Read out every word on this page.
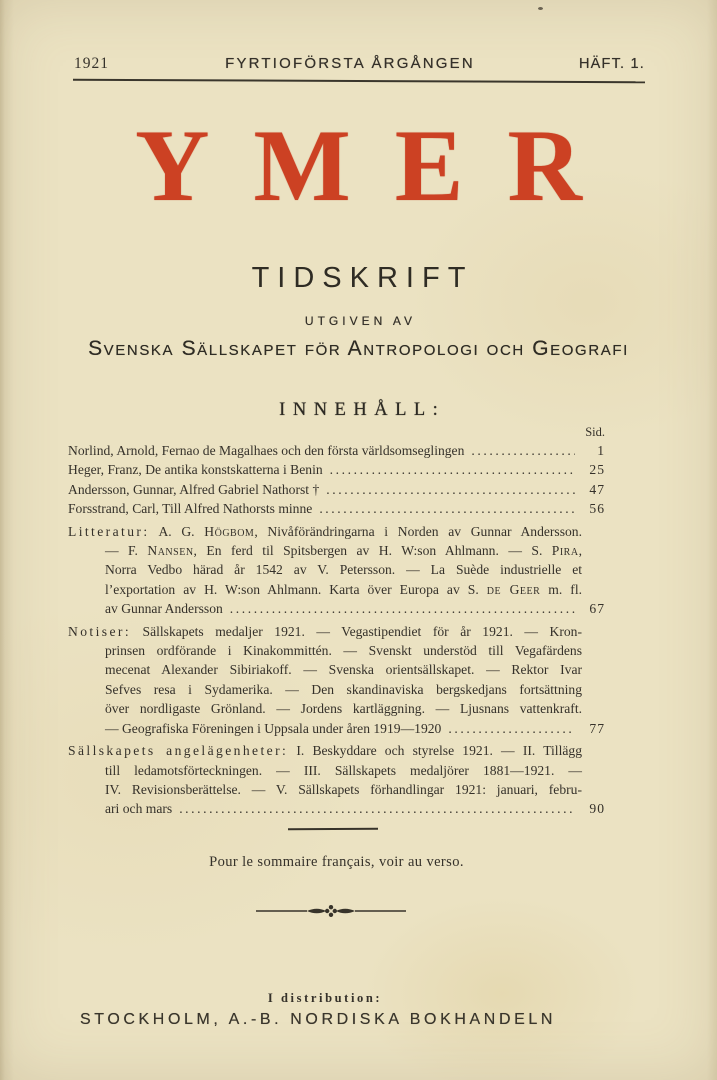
1921	FYRTIOFÖRSTA ÅRGÅNGEN	HÄFT. 1.
YMER
TIDSKRIFT
UTGIVEN AV
Svenska Sällskapet för Antropologi och Geografi
INNEHÅLL:
Sid.
Norlind, Arnold, Fernao de Magalhaes och den första världsomseglingen .....	1
Heger, Franz, De antika konstskatterna i Benin .....	25
Andersson, Gunnar, Alfred Gabriel Nathorst † .....	47
Forsstrand, Carl, Till Alfred Nathorsts minne .....	56
Litteratur: A. G. Högbom, Nivåförändringarna i Norden av Gunnar Andersson.
— F. Nansen, En ferd til Spitsbergen av H. W:son Ahlmann. — S. Pira,
Norra Vedbo härad år 1542 av V. Petersson. — La Suède industrielle et
l’exportation av H. W:son Ahlmann. Karta över Europa av S. de Geer m. fl.
av Gunnar Andersson .....	67
Notiser: Sällskapets medaljer 1921. — Vegastipendiet för år 1921. — Kron-
prinsen ordförande i Kinakommittén. — Svenskt understöd till Vegafärdens
mecenat Alexander Sibiriakoff. — Svenska orientsällskapet. — Rektor Ivar
Sefves resa i Sydamerika. — Den skandinaviska bergskedjans fortsättning
över nordligaste Grönland. — Jordens kartläggning. — Ljusnans vattenkraft.
— Geografiska Föreningen i Uppsala under åren 1919—1920 .....	77
Sällskapets angelägenheter: I. Beskyddare och styrelse 1921. — II. Tillägg
till ledamotsförteckningen. — III. Sällskapets medaljörer 1881—1921. —
IV. Revisionsberättelse. — V. Sällskapets förhandlingar 1921: januari, febru-
ari och mars .....	90
Pour le sommaire français, voir au verso.
I distribution:
STOCKHOLM, A.-B. NORDISKA BOKHANDELN
